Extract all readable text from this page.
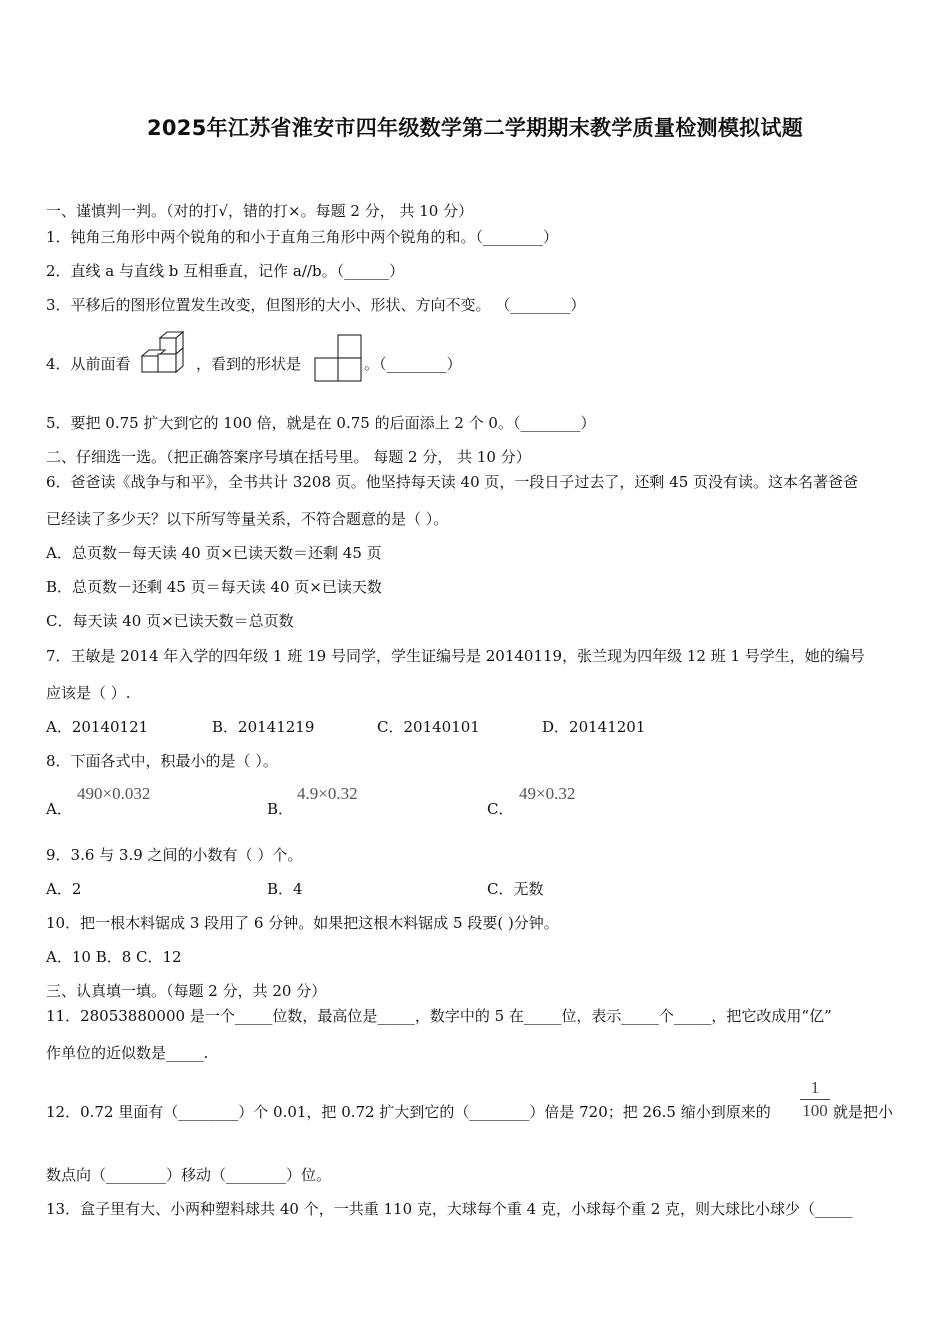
2025年江苏省淮安市四年级数学第二学期期末教学质量检测模拟试题
一、谨慎判一判。（对的打√，错的打×。每题 2 分， 共 10 分）
1．钝角三角形中两个锐角的和小于直角三角形中两个锐角的和。（________）
2．直线 a 与直线 b 互相垂直，记作 a//b。（______）
3．平移后的图形位置发生改变，但图形的大小、形状、方向不变。 （________）
4．从前面看	，看到的形状是	。（________）
5．要把 0.75 扩大到它的 100 倍，就是在 0.75 的后面添上 2 个 0。（________）
二、仔细选一选。（把正确答案序号填在括号里。 每题 2 分， 共 10 分）
6．爸爸读《战争与和平》，全书共计 3208 页。他坚持每天读 40 页，一段日子过去了，还剩 45 页没有读。这本名著爸爸
已经读了多少天？以下所写等量关系，不符合题意的是（ ）。
A．总页数－每天读 40 页×已读天数＝还剩 45 页
B．总页数－还剩 45 页＝每天读 40 页×已读天数
C．每天读 40 页×已读天数＝总页数
7．王敏是 2014 年入学的四年级 1 班 19 号同学，学生证编号是 20140119，张兰现为四年级 12 班 1 号学生，她的编号
应该是（ ）.
A．20140121	B．20141219	C．20140101	D．20141201
8．下面各式中，积最小的是（ ）。
A．
490×0.032
B．
4.9×0.32
C．
49×0.32
9．3.6 与 3.9 之间的小数有（ ）个。
A．2	B．4	C．无数
10．把一根木料锯成 3 段用了 6 分钟。如果把这根木料锯成 5 段要( )分钟。
A．10 B．8 C．12
三、认真填一填。（每题 2 分，共 20 分）
11．28053880000 是一个_____位数，最高位是_____，数字中的 5 在_____位，表示_____个_____，把它改成用“亿”
作单位的近似数是_____.
12．0.72 里面有（________）个 0.01，把 0.72 扩大到它的（________）倍是 720；把 26.5 缩小到原来的
1
100 就是把小
数点向（________）移动（________）位。
13．盒子里有大、小两种塑料球共 40 个，一共重 110 克，大球每个重 4 克，小球每个重 2 克，则大球比小球少（_____
